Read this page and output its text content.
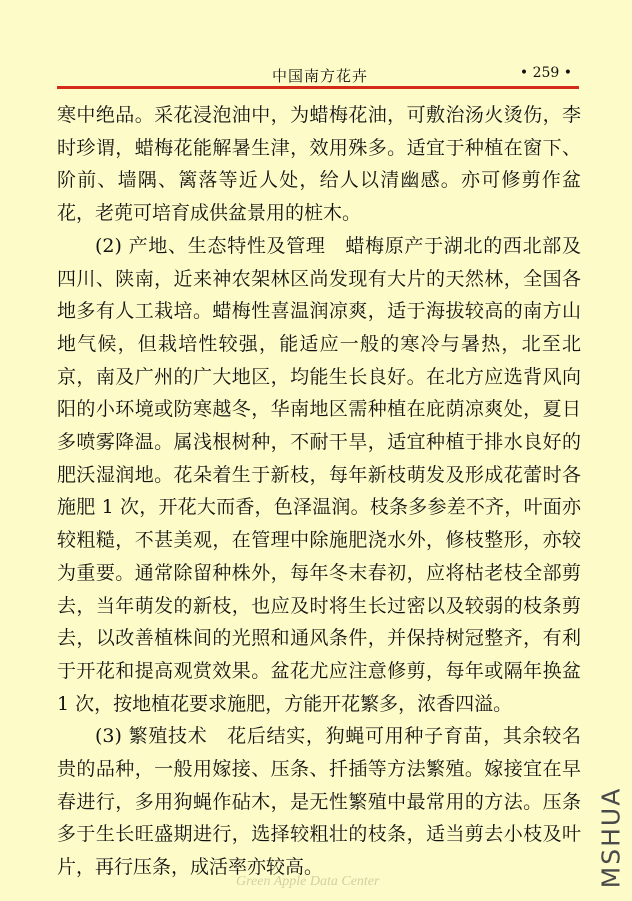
中国南方花卉	• 259 •

寒中绝品。采花浸泡油中，为蜡梅花油，可敷治汤火烫伤，李时珍谓，蜡梅花能解暑生津，效用殊多。适宜于种植在窗下、阶前、墙隅、篱落等近人处，给人以清幽感。亦可修剪作盆花，老蔸可培育成供盆景用的桩木。

(2) 产地、生态特性及管理　蜡梅原产于湖北的西北部及四川、陕南，近来神农架林区尚发现有大片的天然林，全国各地多有人工栽培。蜡梅性喜温润凉爽，适于海拔较高的南方山地气候，但栽培性较强，能适应一般的寒冷与暑热，北至北京，南及广州的广大地区，均能生长良好。在北方应选背风向阳的小环境或防寒越冬，华南地区需种植在庇荫凉爽处，夏日多喷雾降温。属浅根树种，不耐干旱，适宜种植于排水良好的肥沃湿润地。花朵着生于新枝，每年新枝萌发及形成花蕾时各施肥 1 次，开花大而香，色泽温润。枝条多参差不齐，叶面亦较粗糙，不甚美观，在管理中除施肥浇水外，修枝整形，亦较为重要。通常除留种株外，每年冬末春初，应将枯老枝全部剪去，当年萌发的新枝，也应及时将生长过密以及较弱的枝条剪去，以改善植株间的光照和通风条件，并保持树冠整齐，有利于开花和提高观赏效果。盆花尤应注意修剪，每年或隔年换盆 1 次，按地植花要求施肥，方能开花繁多，浓香四溢。

(3) 繁殖技术　花后结实，狗蝇可用种子育苗，其余较名贵的品种，一般用嫁接、压条、扦插等方法繁殖。嫁接宜在早春进行，多用狗蝇作砧木，是无性繁殖中最常用的方法。压条多于生长旺盛期进行，选择较粗壮的枝条，适当剪去小枝及叶片，再行压条，成活率亦较高。	MSHUA
Green Apple Data Center
